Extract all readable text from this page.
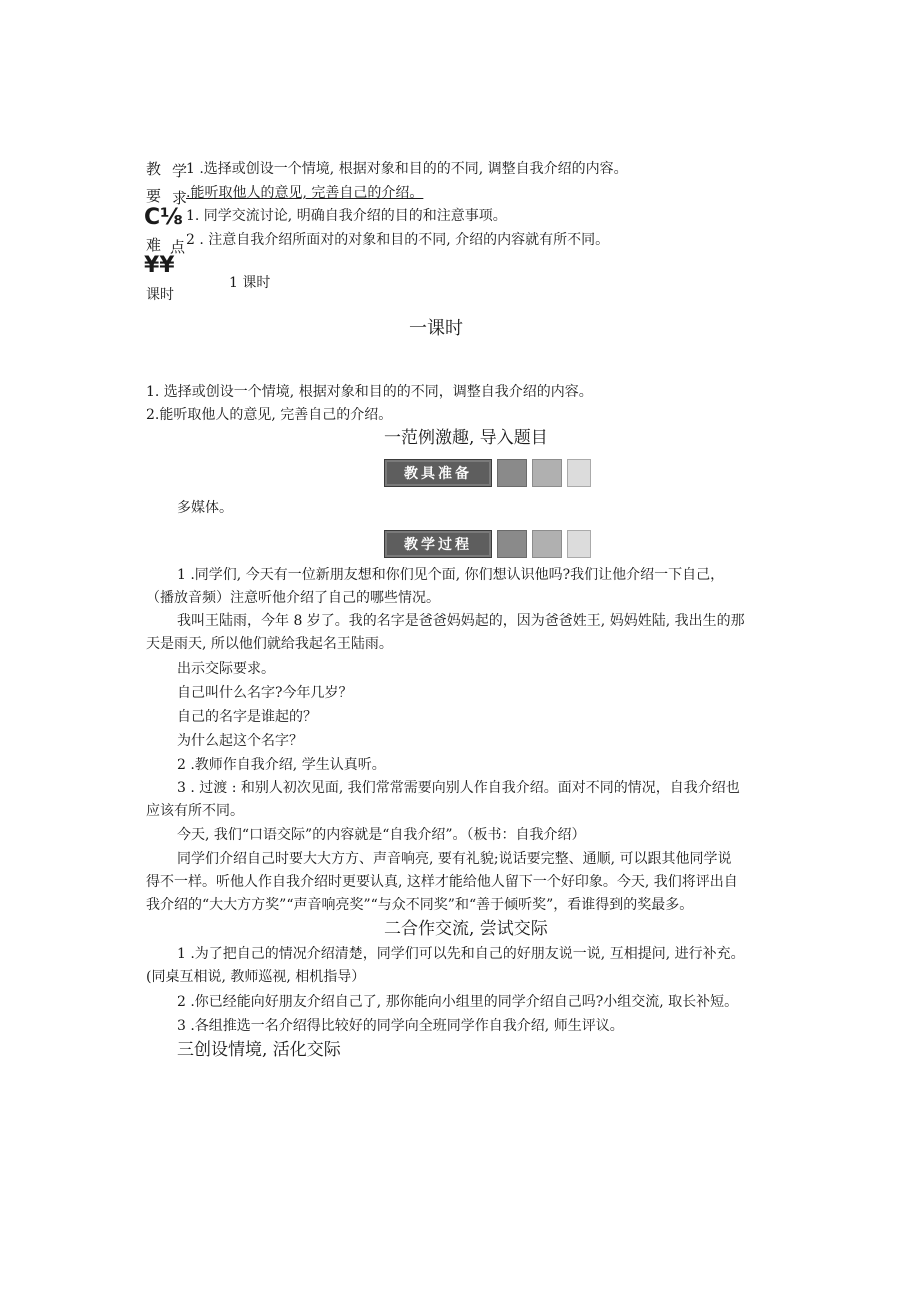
教 学
1 .选择或创设一个情境, 根据对象和目的的不同, 调整自我介绍的内容。
要 求
.能听取他人的意见, 完善自己的介绍。
C⅛ 1. 同学交流讨论, 明确自我介绍的目的和注意事项。
难 点 2 . 注意自我介绍所面对的对象和目的不同, 介绍的内容就有所不同。
¥¥
1 课时
课时
一课时
1. 选择或创设一个情境, 根据对象和目的的不同，调整自我介绍的内容。
2.能听取他人的意见, 完善自己的介绍。
一范例激趣, 导入题目
教具准备
多媒体。
教学过程
1 .同学们, 今天有一位新朋友想和你们见个面, 你们想认识他吗?我们让他介绍一下自己，
（播放音频）注意听他介绍了自己的哪些情况。
我叫王陆雨，今年 8 岁了。我的名字是爸爸妈妈起的，因为爸爸姓王, 妈妈姓陆, 我出生的那
天是雨天, 所以他们就给我起名王陆雨。
出示交际要求。
自己叫什么名字?今年几岁？
自己的名字是谁起的？
为什么起这个名字？
2 .教师作自我介绍, 学生认真听。
3 . 过渡 : 和别人初次见面, 我们常常需要向别人作自我介绍。面对不同的情况，自我介绍也
应该有所不同。
今天, 我们“口语交际”的内容就是“自我介绍”。（板书：自我介绍）
同学们介绍自己时要大大方方、声音响亮, 要有礼貌;说话要完整、通顺, 可以跟其他同学说
得不一样。听他人作自我介绍时更要认真, 这样才能给他人留下一个好印象。今天, 我们将评出自
我介绍的“大大方方奖”“声音响亮奖”“与众不同奖”和“善于倾听奖”，看谁得到的奖最多。
二合作交流, 尝试交际
1 .为了把自己的情况介绍清楚，同学们可以先和自己的好朋友说一说, 互相提问, 进行补充。
(同桌互相说, 教师巡视, 相机指导）
2 .你已经能向好朋友介绍自己了, 那你能向小组里的同学介绍自己吗?小组交流, 取长补短。
3 .各组推选一名介绍得比较好的同学向全班同学作自我介绍, 师生评议。
三创设情境, 活化交际
